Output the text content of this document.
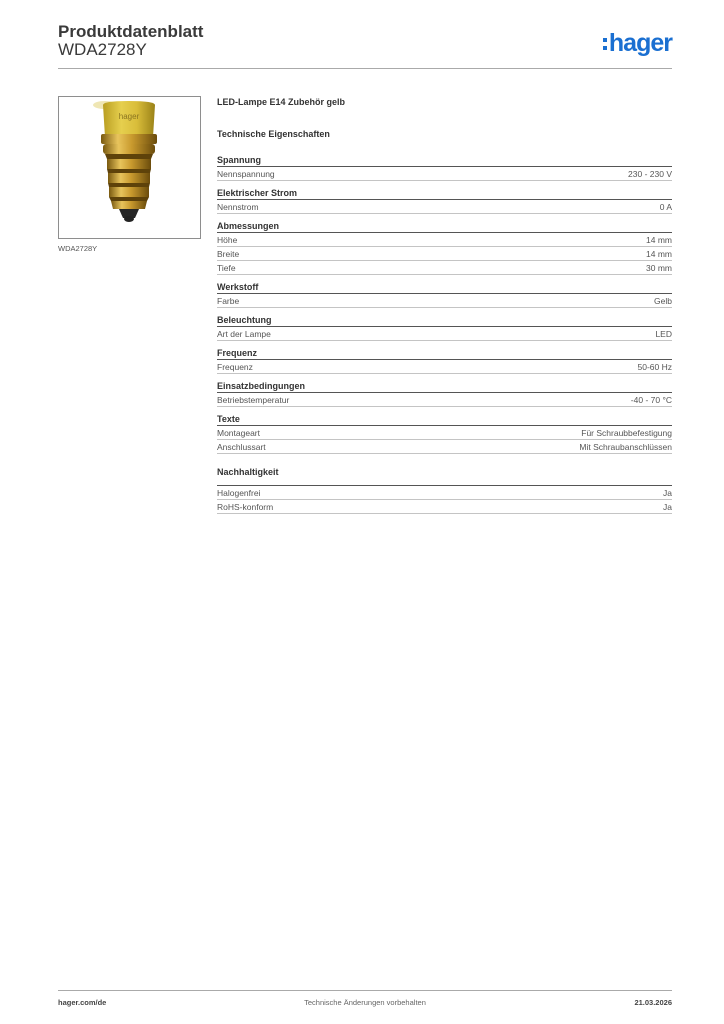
Produktdatenblatt
WDA2728Y	hager
hager
WDA2728Y
LED-Lampe E14 Zubehör gelb
Technische Eigenschaften
Spannung
Nennspannung	230 - 230 V
Elektrischer Strom
Nennstrom	0 A
Abmessungen
Höhe	14 mm
Breite	14 mm
Tiefe	30 mm
Werkstoff
Farbe	Gelb
Beleuchtung
Art der Lampe	LED
Frequenz
Frequenz	50-60 Hz
Einsatzbedingungen
Betriebstemperatur	-40 - 70 °C
Texte
Montageart	Für Schraubbefestigung
Anschlussart	Mit Schraubanschlüssen
Nachhaltigkeit
Halogenfrei	Ja
RoHS-konform	Ja
hager.com/de	Technische Änderungen vorbehalten	21.03.2026
